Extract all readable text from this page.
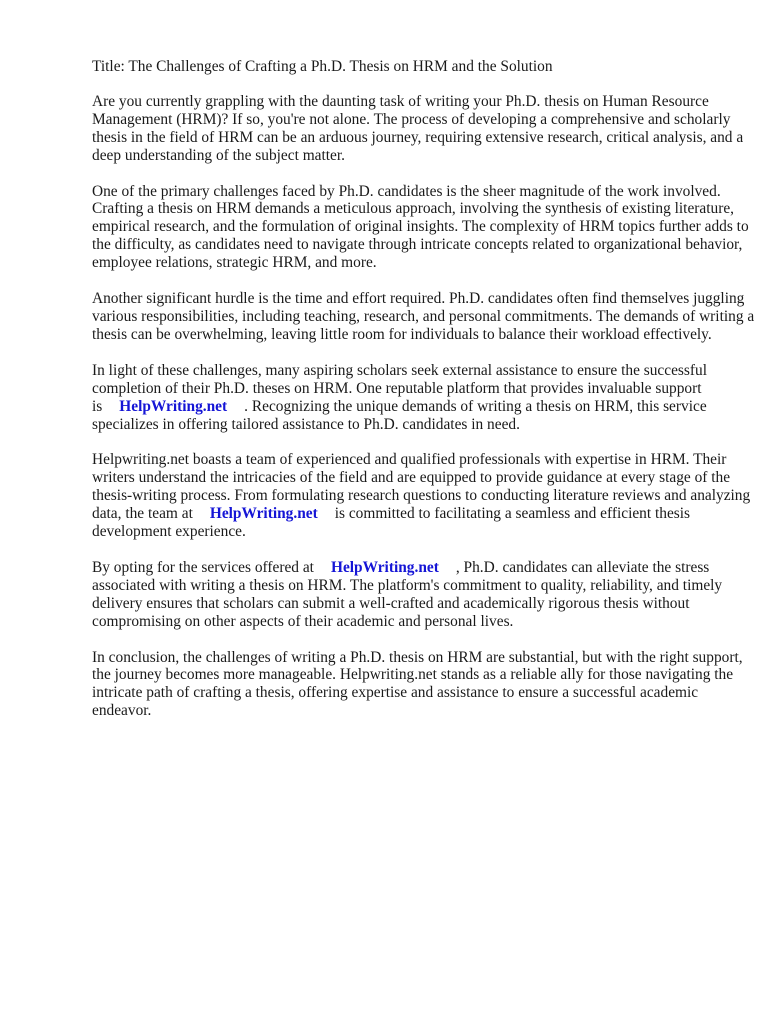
Title: The Challenges of Crafting a Ph.D. Thesis on HRM and the Solution

Are you currently grappling with the daunting task of writing your Ph.D. thesis on Human Resource Management (HRM)? If so, you're not alone. The process of developing a comprehensive and scholarly thesis in the field of HRM can be an arduous journey, requiring extensive research, critical analysis, and a deep understanding of the subject matter.

One of the primary challenges faced by Ph.D. candidates is the sheer magnitude of the work involved. Crafting a thesis on HRM demands a meticulous approach, involving the synthesis of existing literature, empirical research, and the formulation of original insights. The complexity of HRM topics further adds to the difficulty, as candidates need to navigate through intricate concepts related to organizational behavior, employee relations, strategic HRM, and more.

Another significant hurdle is the time and effort required. Ph.D. candidates often find themselves juggling various responsibilities, including teaching, research, and personal commitments. The demands of writing a thesis can be overwhelming, leaving little room for individuals to balance their workload effectively.

In light of these challenges, many aspiring scholars seek external assistance to ensure the successful completion of their Ph.D. theses on HRM. One reputable platform that provides invaluable support is HelpWriting.net . Recognizing the unique demands of writing a thesis on HRM, this service specializes in offering tailored assistance to Ph.D. candidates in need.

Helpwriting.net boasts a team of experienced and qualified professionals with expertise in HRM. Their writers understand the intricacies of the field and are equipped to provide guidance at every stage of the thesis-writing process. From formulating research questions to conducting literature reviews and analyzing data, the team at HelpWriting.net is committed to facilitating a seamless and efficient thesis development experience.

By opting for the services offered at HelpWriting.net , Ph.D. candidates can alleviate the stress associated with writing a thesis on HRM. The platform's commitment to quality, reliability, and timely delivery ensures that scholars can submit a well-crafted and academically rigorous thesis without compromising on other aspects of their academic and personal lives.

In conclusion, the challenges of writing a Ph.D. thesis on HRM are substantial, but with the right support, the journey becomes more manageable. Helpwriting.net stands as a reliable ally for those navigating the intricate path of crafting a thesis, offering expertise and assistance to ensure a successful academic endeavor.
